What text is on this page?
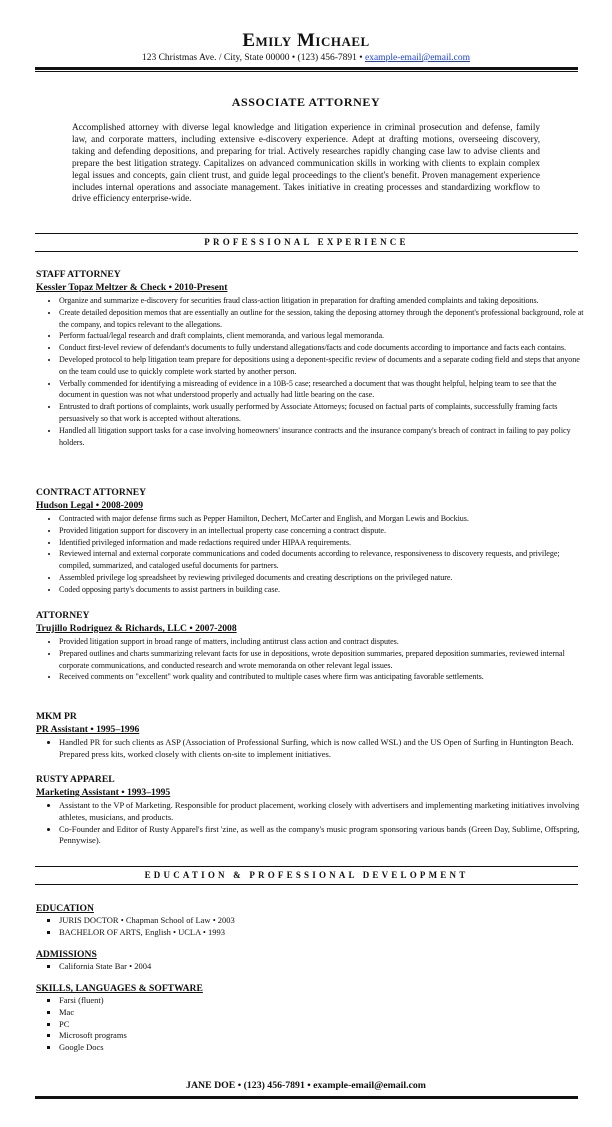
Emily Michael
123 Christmas Ave. / City, State 00000 • (123) 456-7891 • example-email@email.com
ASSOCIATE ATTORNEY

Accomplished attorney with diverse legal knowledge and litigation experience in criminal prosecution and defense, family law, and corporate matters, including extensive e-discovery experience. Adept at drafting motions, overseeing discovery, taking and defending depositions, and preparing for trial. Actively researches rapidly changing case law to advise clients and prepare the best litigation strategy. Capitalizes on advanced communication skills in working with clients to explain complex legal issues and concepts, gain client trust, and guide legal proceedings to the client's benefit. Proven management experience includes internal operations and associate management. Takes initiative in creating processes and standardizing workflow to drive efficiency enterprise-wide.

PROFESSIONAL EXPERIENCE
STAFF ATTORNEY
Kessler Topaz Meltzer & Check • 2010-Present
• Organize and summarize e-discovery for securities fraud class-action litigation in preparation for drafting amended complaints and taking depositions.
• Create detailed deposition memos that are essentially an outline for the session, taking the deposing attorney through the deponent's professional background, role at the company, and topics relevant to the allegations.
• Perform factual/legal research and draft complaints, client memoranda, and various legal memoranda.
• Conduct first-level review of defendant's documents to fully understand allegations/facts and code documents according to importance and facts each contains.
• Developed protocol to help litigation team prepare for depositions using a deponent-specific review of documents and a separate coding field and steps that anyone on the team could use to quickly complete work started by another person.
• Verbally commended for identifying a misreading of evidence in a 10B-5 case; researched a document that was thought helpful, helping team to see that the document in question was not what understood properly and actually had little bearing on the case.
• Entrusted to draft portions of complaints, work usually performed by Associate Attorneys; focused on factual parts of complaints, successfully framing facts persuasively so that work is accepted without alterations.
• Handled all litigation support tasks for a case involving homeowners' insurance contracts and the insurance company's breach of contract in failing to pay policy holders.
CONTRACT ATTORNEY
Hudson Legal • 2008-2009
• Contracted with major defense firms such as Pepper Hamilton, Dechert, McCarter and English, and Morgan Lewis and Bockius.
• Provided litigation support for discovery in an intellectual property case concerning a contract dispute.
• Identified privileged information and made redactions required under HIPAA requirements.
• Reviewed internal and external corporate communications and coded documents according to relevance, responsiveness to discovery requests, and privilege; compiled, summarized, and cataloged useful documents for partners.
• Assembled privilege log spreadsheet by reviewing privileged documents and creating descriptions on the privileged nature.
• Coded opposing party's documents to assist partners in building case.
ATTORNEY
Trujillo Rodriguez & Richards, LLC • 2007-2008
• Provided litigation support in broad range of matters, including antitrust class action and contract disputes.
• Prepared outlines and charts summarizing relevant facts for use in depositions, wrote deposition summaries, prepared deposition summaries, reviewed internal corporate communications, and conducted research and wrote memoranda on other relevant legal issues.
• Received comments on "excellent" work quality and contributed to multiple cases where firm was anticipating favorable settlements.
MKM PR
PR Assistant • 1995–1996
• Handled PR for such clients as ASP (Association of Professional Surfing, which is now called WSL) and the US Open of Surfing in Huntington Beach. Prepared press kits, worked closely with clients on-site to implement initiatives.
RUSTY APPAREL
Marketing Assistant • 1993–1995
• Assistant to the VP of Marketing. Responsible for product placement, working closely with advertisers and implementing marketing initiatives involving athletes, musicians, and products.
• Co-Founder and Editor of Rusty Apparel's first 'zine, as well as the company's music program sponsoring various bands (Green Day, Sublime, Offspring, Pennywise).
EDUCATION & PROFESSIONAL DEVELOPMENT
EDUCATION
▪ JURIS DOCTOR • Chapman School of Law • 2003
▪ BACHELOR OF ARTS, English • UCLA • 1993
ADMISSIONS
▪ California State Bar • 2004
SKILLS, LANGUAGES & SOFTWARE
▪ Farsi (fluent)
▪ Mac
▪ PC
▪ Microsoft programs
▪ Google Docs
JANE DOE • (123) 456-7891 • example-email@email.com
